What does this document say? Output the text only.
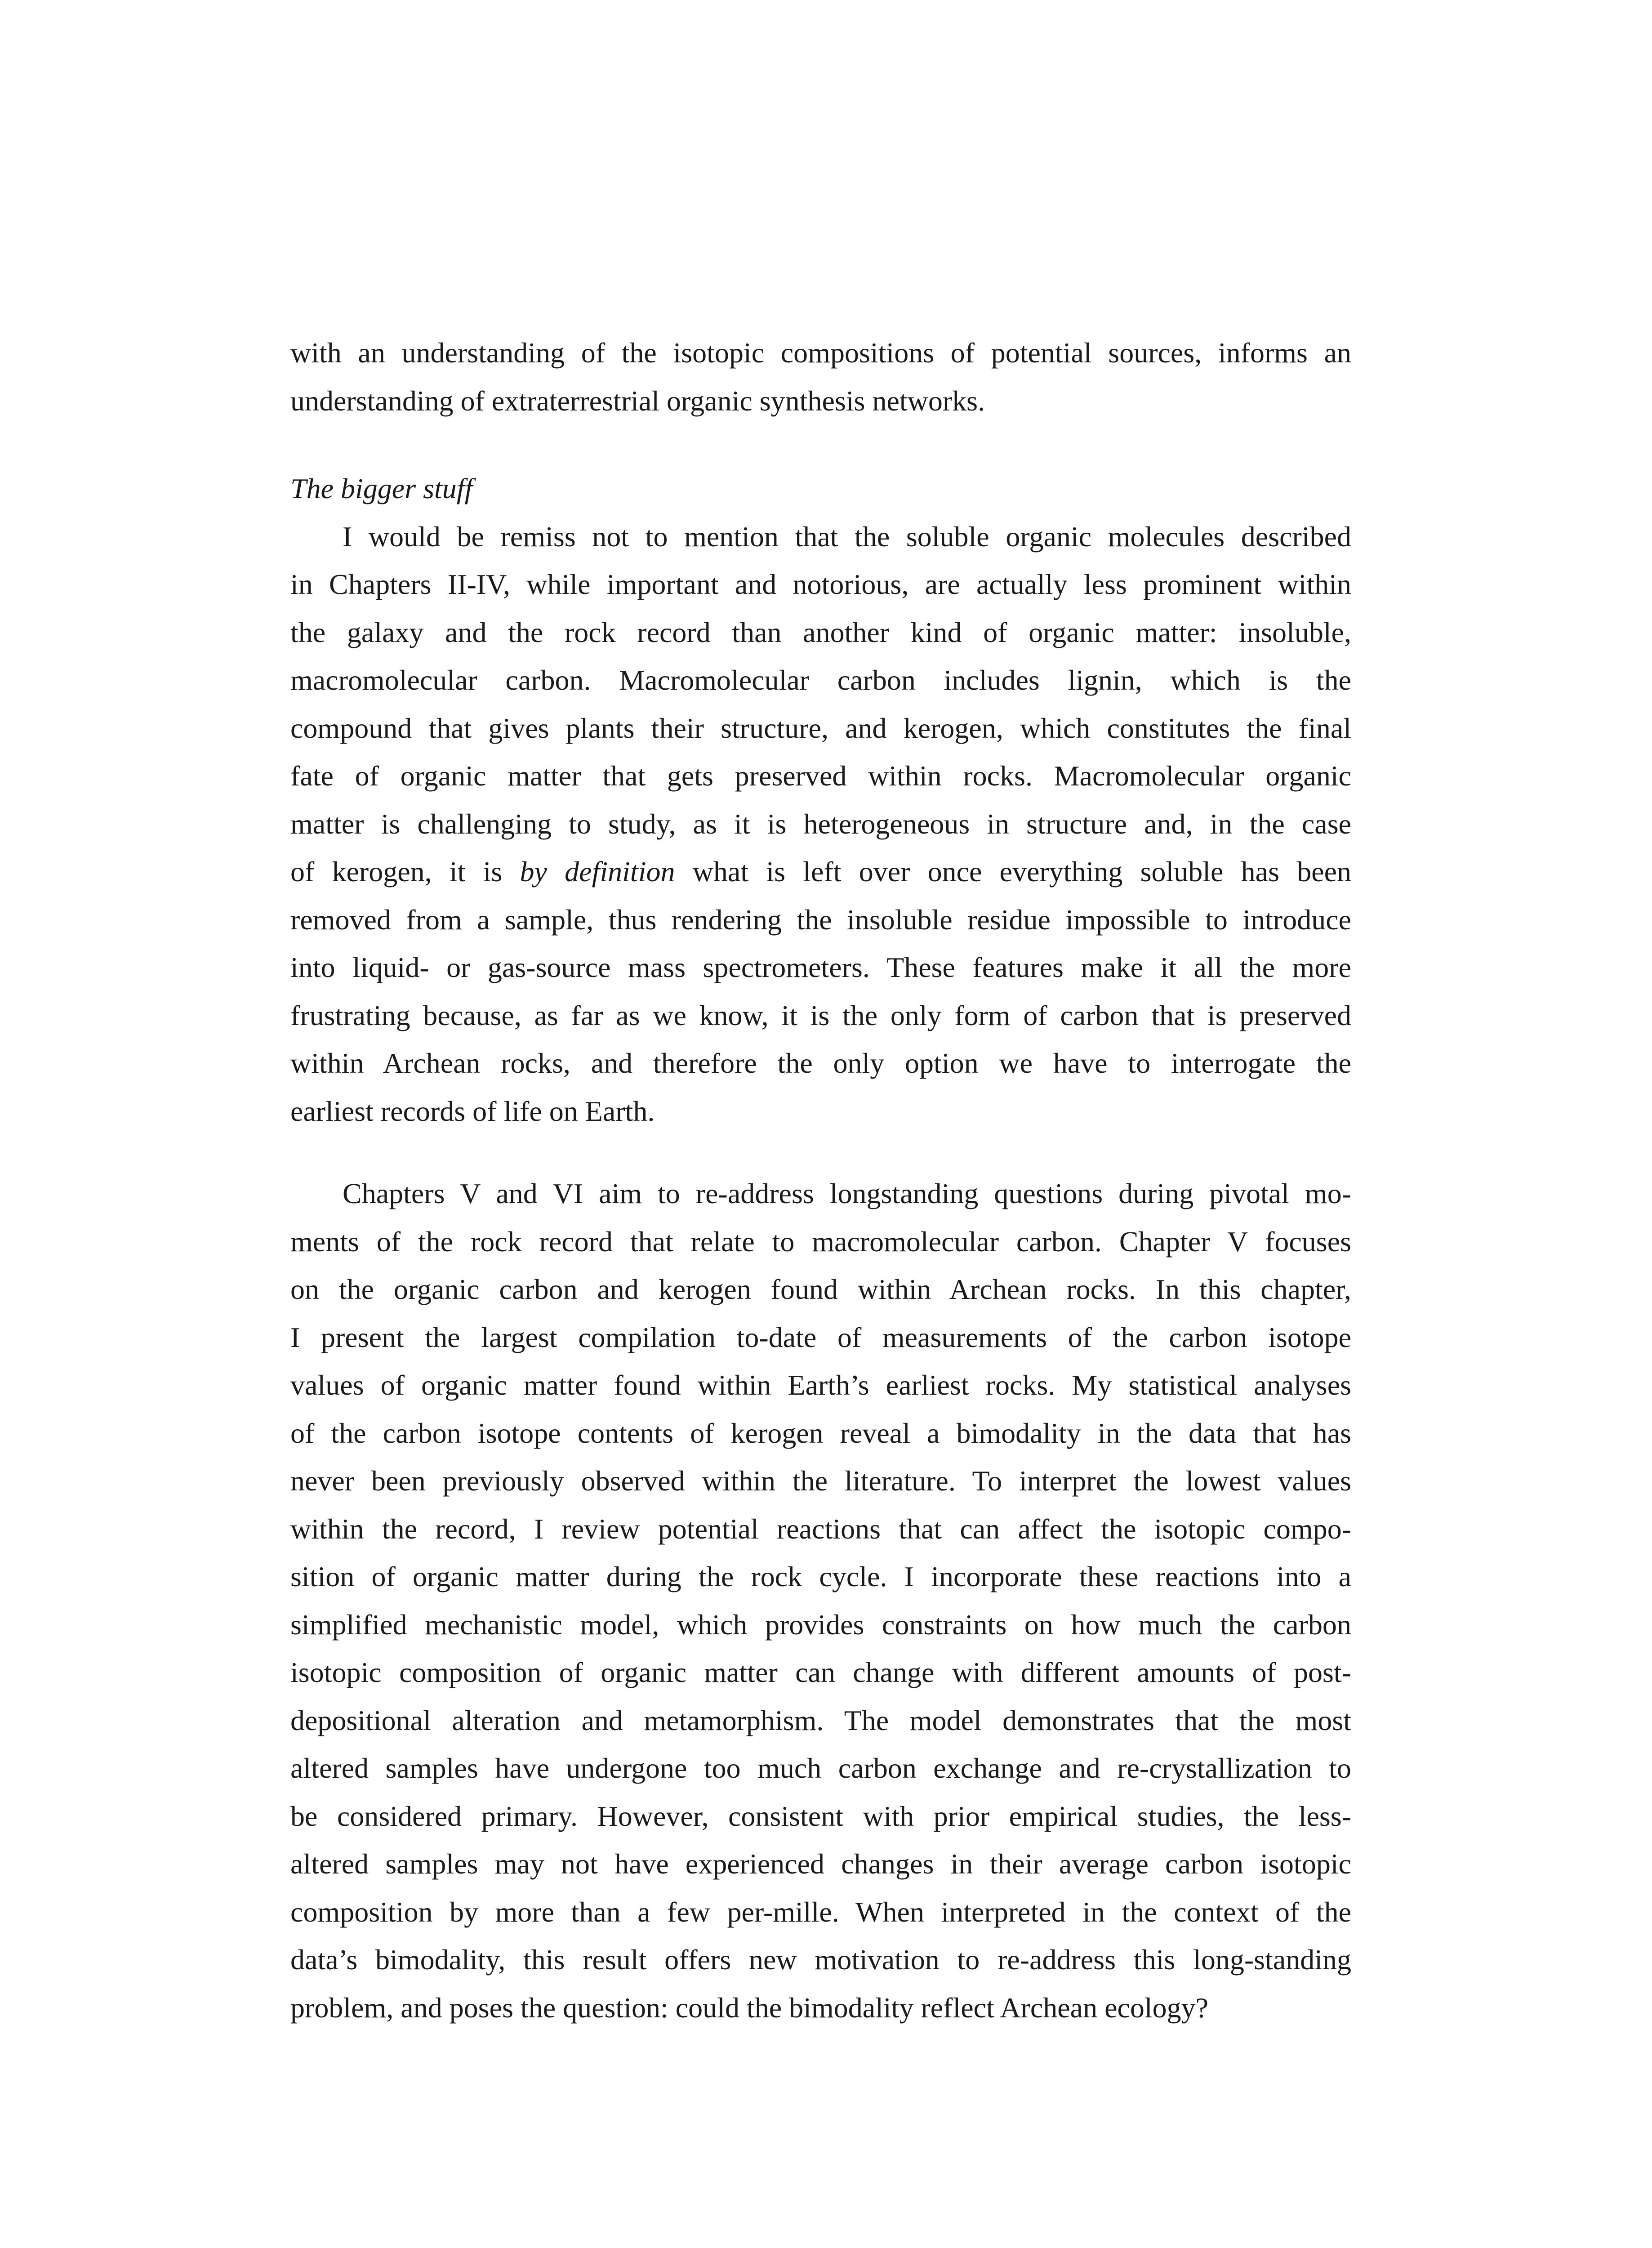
with an understanding of the isotopic compositions of potential sources, informs an
understanding of extraterrestrial organic synthesis networks.
The bigger stuff
I would be remiss not to mention that the soluble organic molecules described
in Chapters II-IV, while important and notorious, are actually less prominent within
the galaxy and the rock record than another kind of organic matter: insoluble,
macromolecular carbon. Macromolecular carbon includes lignin, which is the
compound that gives plants their structure, and kerogen, which constitutes the final
fate of organic matter that gets preserved within rocks. Macromolecular organic
matter is challenging to study, as it is heterogeneous in structure and, in the case
of kerogen, it is by definition what is left over once everything soluble has been
removed from a sample, thus rendering the insoluble residue impossible to introduce
into liquid- or gas-source mass spectrometers. These features make it all the more
frustrating because, as far as we know, it is the only form of carbon that is preserved
within Archean rocks, and therefore the only option we have to interrogate the
earliest records of life on Earth.
Chapters V and VI aim to re-address longstanding questions during pivotal mo-
ments of the rock record that relate to macromolecular carbon. Chapter V focuses
on the organic carbon and kerogen found within Archean rocks. In this chapter,
I present the largest compilation to-date of measurements of the carbon isotope
values of organic matter found within Earth’s earliest rocks. My statistical analyses
of the carbon isotope contents of kerogen reveal a bimodality in the data that has
never been previously observed within the literature. To interpret the lowest values
within the record, I review potential reactions that can affect the isotopic compo-
sition of organic matter during the rock cycle. I incorporate these reactions into a
simplified mechanistic model, which provides constraints on how much the carbon
isotopic composition of organic matter can change with different amounts of post-
depositional alteration and metamorphism. The model demonstrates that the most
altered samples have undergone too much carbon exchange and re-crystallization to
be considered primary. However, consistent with prior empirical studies, the less-
altered samples may not have experienced changes in their average carbon isotopic
composition by more than a few per-mille. When interpreted in the context of the
data’s bimodality, this result offers new motivation to re-address this long-standing
problem, and poses the question: could the bimodality reflect Archean ecology?
